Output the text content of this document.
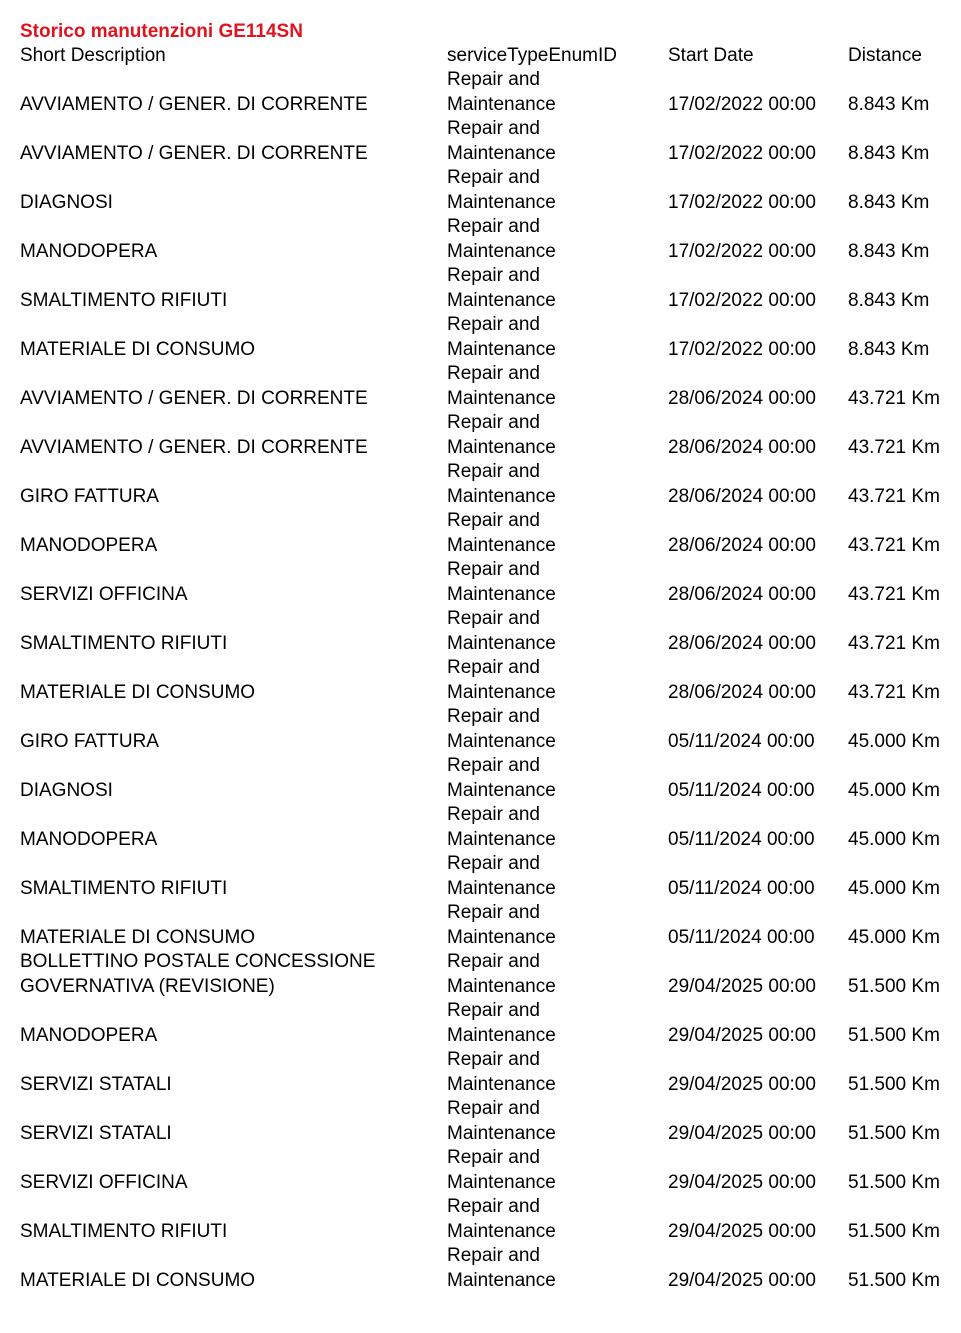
Storico manutenzioni GE114SN
Short Description	serviceTypeEnumID	Start Date	Distance
AVVIAMENTO / GENER. DI CORRENTE	Repair and
Maintenance	17/02/2022 00:00	8.843 Km
AVVIAMENTO / GENER. DI CORRENTE	Repair and
Maintenance	17/02/2022 00:00	8.843 Km
DIAGNOSI	Repair and
Maintenance	17/02/2022 00:00	8.843 Km
MANODOPERA	Repair and
Maintenance	17/02/2022 00:00	8.843 Km
SMALTIMENTO RIFIUTI	Repair and
Maintenance	17/02/2022 00:00	8.843 Km
MATERIALE DI CONSUMO	Repair and
Maintenance	17/02/2022 00:00	8.843 Km
AVVIAMENTO / GENER. DI CORRENTE	Repair and
Maintenance	28/06/2024 00:00	43.721 Km
AVVIAMENTO / GENER. DI CORRENTE	Repair and
Maintenance	28/06/2024 00:00	43.721 Km
GIRO FATTURA	Repair and
Maintenance	28/06/2024 00:00	43.721 Km
MANODOPERA	Repair and
Maintenance	28/06/2024 00:00	43.721 Km
SERVIZI OFFICINA	Repair and
Maintenance	28/06/2024 00:00	43.721 Km
SMALTIMENTO RIFIUTI	Repair and
Maintenance	28/06/2024 00:00	43.721 Km
MATERIALE DI CONSUMO	Repair and
Maintenance	28/06/2024 00:00	43.721 Km
GIRO FATTURA	Repair and
Maintenance	05/11/2024 00:00	45.000 Km
DIAGNOSI	Repair and
Maintenance	05/11/2024 00:00	45.000 Km
MANODOPERA	Repair and
Maintenance	05/11/2024 00:00	45.000 Km
SMALTIMENTO RIFIUTI	Repair and
Maintenance	05/11/2024 00:00	45.000 Km
MATERIALE DI CONSUMO	Repair and
Maintenance	05/11/2024 00:00	45.000 Km

BOLLETTINO POSTALE CONCESSIONE
GOVERNATIVA (REVISIONE)	Repair and
Maintenance	29/04/2025 00:00	51.500 Km
MANODOPERA	Repair and
Maintenance	29/04/2025 00:00	51.500 Km
SERVIZI STATALI	Repair and
Maintenance	29/04/2025 00:00	51.500 Km
SERVIZI STATALI	Repair and
Maintenance	29/04/2025 00:00	51.500 Km
SERVIZI OFFICINA	Repair and
Maintenance	29/04/2025 00:00	51.500 Km
SMALTIMENTO RIFIUTI	Repair and
Maintenance	29/04/2025 00:00	51.500 Km
MATERIALE DI CONSUMO	Repair and
Maintenance	29/04/2025 00:00	51.500 Km
